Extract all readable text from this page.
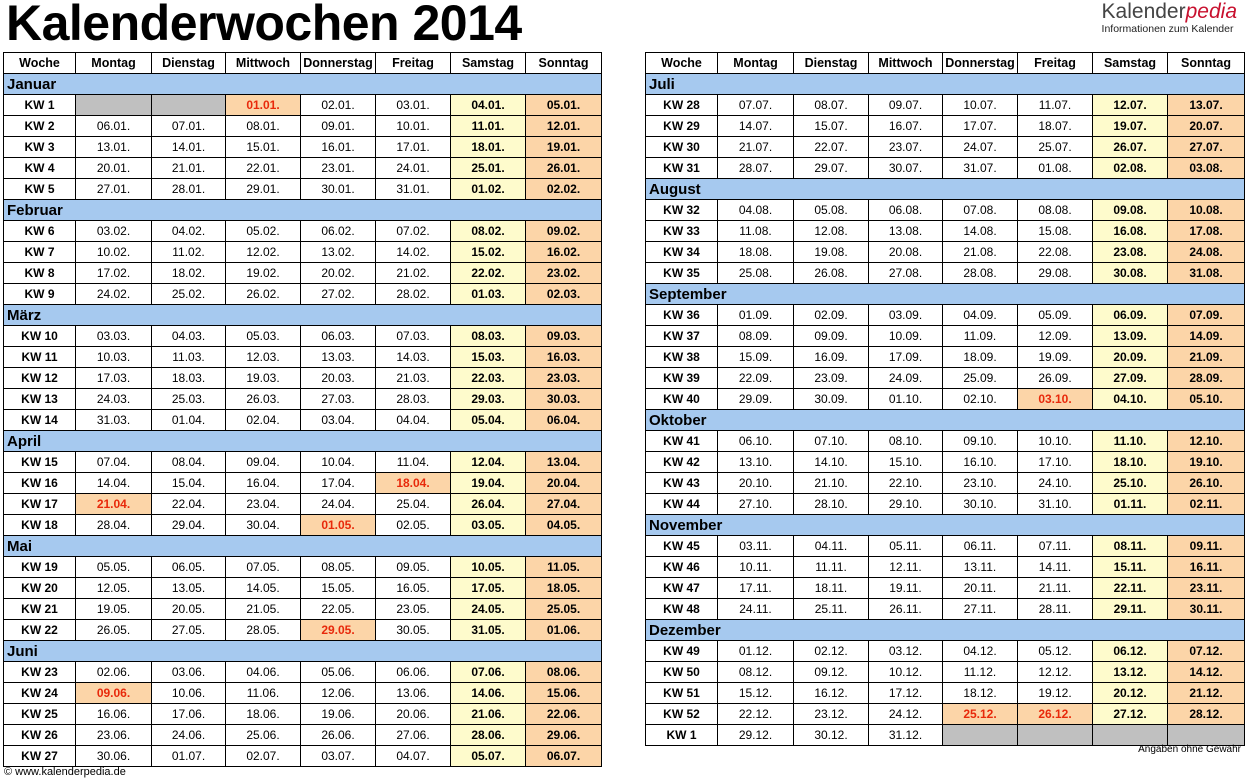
Kalenderwochen 2014	Kalenderpedia
Informationen zum Kalender
Woche	Montag	Dienstag	Mittwoch	Donnerstag	Freitag	Samstag	Sonntag
Januar							
KW 1			01.01.	02.01.	03.01.	04.01.	05.01.
KW 2	06.01.	07.01.	08.01.	09.01.	10.01.	11.01.	12.01.
KW 3	13.01.	14.01.	15.01.	16.01.	17.01.	18.01.	19.01.
KW 4	20.01.	21.01.	22.01.	23.01.	24.01.	25.01.	26.01.
KW 5	27.01.	28.01.	29.01.	30.01.	31.01.	01.02.	02.02.
Februar							
KW 6	03.02.	04.02.	05.02.	06.02.	07.02.	08.02.	09.02.
KW 7	10.02.	11.02.	12.02.	13.02.	14.02.	15.02.	16.02.
KW 8	17.02.	18.02.	19.02.	20.02.	21.02.	22.02.	23.02.
KW 9	24.02.	25.02.	26.02.	27.02.	28.02.	01.03.	02.03.
März							
KW 10	03.03.	04.03.	05.03.	06.03.	07.03.	08.03.	09.03.
KW 11	10.03.	11.03.	12.03.	13.03.	14.03.	15.03.	16.03.
KW 12	17.03.	18.03.	19.03.	20.03.	21.03.	22.03.	23.03.
KW 13	24.03.	25.03.	26.03.	27.03.	28.03.	29.03.	30.03.
KW 14	31.03.	01.04.	02.04.	03.04.	04.04.	05.04.	06.04.
April							
KW 15	07.04.	08.04.	09.04.	10.04.	11.04.	12.04.	13.04.
KW 16	14.04.	15.04.	16.04.	17.04.	18.04.	19.04.	20.04.
KW 17	21.04.	22.04.	23.04.	24.04.	25.04.	26.04.	27.04.
KW 18	28.04.	29.04.	30.04.	01.05.	02.05.	03.05.	04.05.
Mai							
KW 19	05.05.	06.05.	07.05.	08.05.	09.05.	10.05.	11.05.
KW 20	12.05.	13.05.	14.05.	15.05.	16.05.	17.05.	18.05.
KW 21	19.05.	20.05.	21.05.	22.05.	23.05.	24.05.	25.05.
KW 22	26.05.	27.05.	28.05.	29.05.	30.05.	31.05.	01.06.
Juni							
KW 23	02.06.	03.06.	04.06.	05.06.	06.06.	07.06.	08.06.
KW 24	09.06.	10.06.	11.06.	12.06.	13.06.	14.06.	15.06.
KW 25	16.06.	17.06.	18.06.	19.06.	20.06.	21.06.	22.06.
KW 26	23.06.	24.06.	25.06.	26.06.	27.06.	28.06.	29.06.
KW 27	30.06.	01.07.	02.07.	03.07.	04.07.	05.07.	06.07.
Woche	Montag	Dienstag	Mittwoch	Donnerstag	Freitag	Samstag	Sonntag
Juli							
KW 28	07.07.	08.07.	09.07.	10.07.	11.07.	12.07.	13.07.
KW 29	14.07.	15.07.	16.07.	17.07.	18.07.	19.07.	20.07.
KW 30	21.07.	22.07.	23.07.	24.07.	25.07.	26.07.	27.07.
KW 31	28.07.	29.07.	30.07.	31.07.	01.08.	02.08.	03.08.
August							
KW 32	04.08.	05.08.	06.08.	07.08.	08.08.	09.08.	10.08.
KW 33	11.08.	12.08.	13.08.	14.08.	15.08.	16.08.	17.08.
KW 34	18.08.	19.08.	20.08.	21.08.	22.08.	23.08.	24.08.
KW 35	25.08.	26.08.	27.08.	28.08.	29.08.	30.08.	31.08.
September							
KW 36	01.09.	02.09.	03.09.	04.09.	05.09.	06.09.	07.09.
KW 37	08.09.	09.09.	10.09.	11.09.	12.09.	13.09.	14.09.
KW 38	15.09.	16.09.	17.09.	18.09.	19.09.	20.09.	21.09.
KW 39	22.09.	23.09.	24.09.	25.09.	26.09.	27.09.	28.09.
KW 40	29.09.	30.09.	01.10.	02.10.	03.10.	04.10.	05.10.
Oktober							
KW 41	06.10.	07.10.	08.10.	09.10.	10.10.	11.10.	12.10.
KW 42	13.10.	14.10.	15.10.	16.10.	17.10.	18.10.	19.10.
KW 43	20.10.	21.10.	22.10.	23.10.	24.10.	25.10.	26.10.
KW 44	27.10.	28.10.	29.10.	30.10.	31.10.	01.11.	02.11.
November							
KW 45	03.11.	04.11.	05.11.	06.11.	07.11.	08.11.	09.11.
KW 46	10.11.	11.11.	12.11.	13.11.	14.11.	15.11.	16.11.
KW 47	17.11.	18.11.	19.11.	20.11.	21.11.	22.11.	23.11.
KW 48	24.11.	25.11.	26.11.	27.11.	28.11.	29.11.	30.11.
Dezember							
KW 49	01.12.	02.12.	03.12.	04.12.	05.12.	06.12.	07.12.
KW 50	08.12.	09.12.	10.12.	11.12.	12.12.	13.12.	14.12.
KW 51	15.12.	16.12.	17.12.	18.12.	19.12.	20.12.	21.12.
KW 52	22.12.	23.12.	24.12.	25.12.	26.12.	27.12.	28.12.
KW 1	29.12.	30.12.	31.12.				
Angaben ohne Gewähr
© www.kalenderpedia.de
